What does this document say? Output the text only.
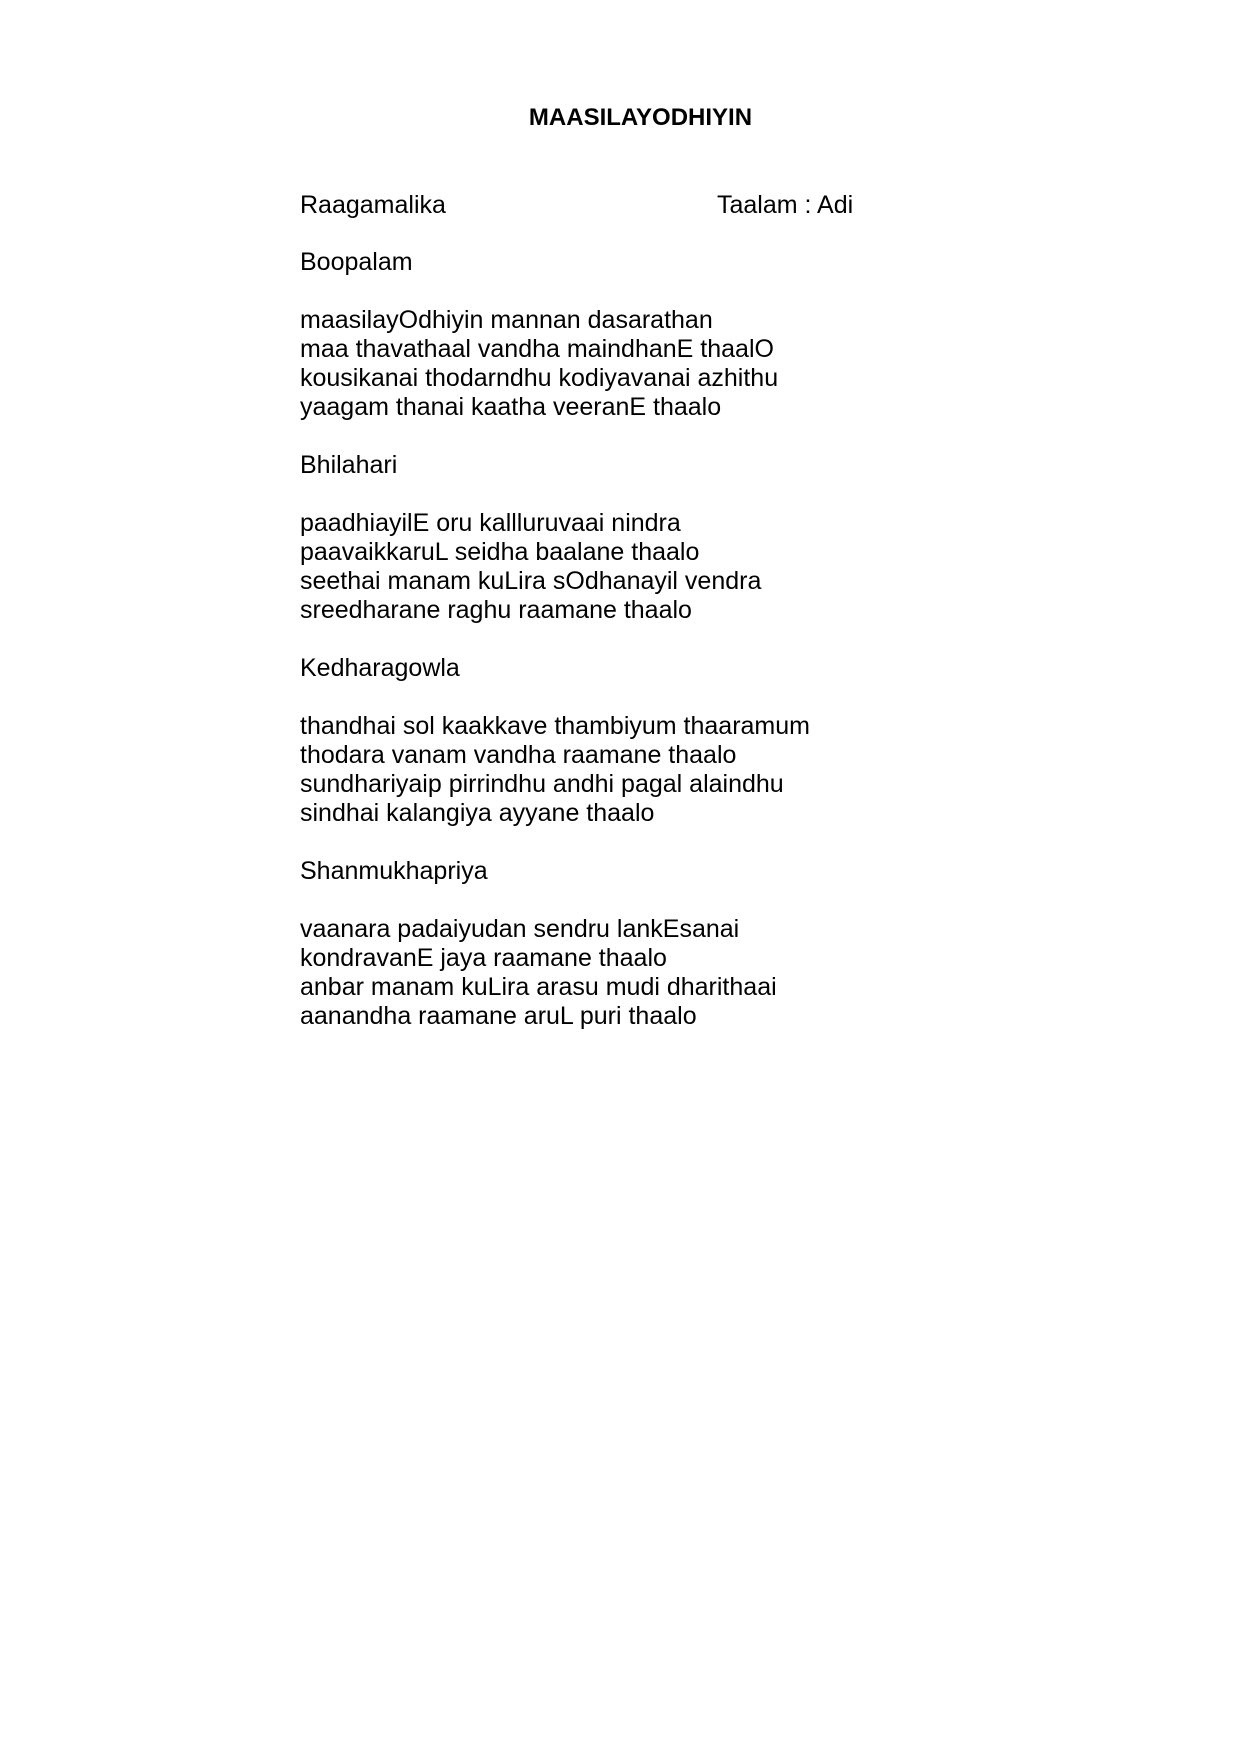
MAASILAYODHIYIN
Raagamalika	Taalam : Adi
Boopalam
maasilayOdhiyin mannan dasarathan
maa thavathaal vandha maindhanE thaalO
kousikanai thodarndhu kodiyavanai azhithu
yaagam thanai kaatha veeranE thaalo
Bhilahari
paadhiayilE oru kallluruvaai nindra
paavaikkaruL seidha baalane thaalo
seethai manam kuLira sOdhanayil vendra
sreedharane raghu raamane thaalo
Kedharagowla
thandhai sol kaakkave thambiyum thaaramum
thodara vanam vandha raamane thaalo
sundhariyaip pirrindhu andhi pagal alaindhu
sindhai kalangiya ayyane thaalo
Shanmukhapriya
vaanara padaiyudan sendru lankEsanai
kondravanE jaya raamane thaalo
anbar manam kuLira arasu mudi dharithaai
aanandha raamane aruL puri thaalo
